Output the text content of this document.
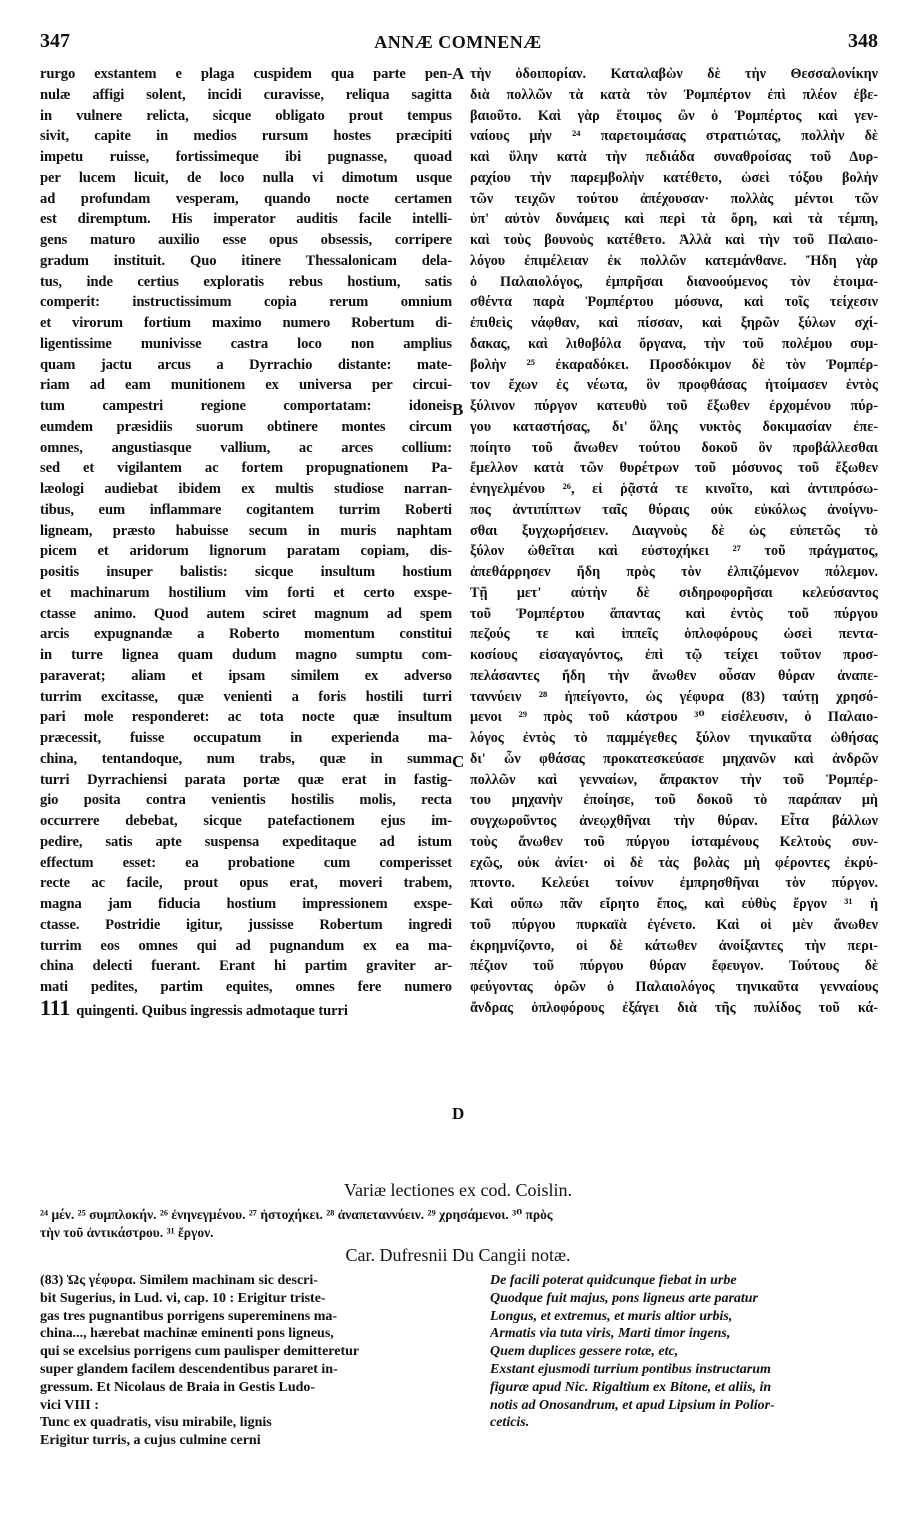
347	ANNÆ COMNENÆ	348
rurgo exstantem e plaga cuspidem qua parte pen-
nulæ affigi solent, incidi curavisse, reliqua sagitta
in vulnere relicta, sicque obligato prout tempus
sivit, capite in medios rursum hostes præcipiti
impetu ruisse, fortissimeque ibi pugnasse, quoad
per lucem licuit, de loco nulla vi dimotum usque
ad profundam vesperam, quando nocte certamen
est diremptum. His imperator auditis facile intelli-
gens maturo auxilio esse opus obsessis, corripere
gradum instituit. Quo itinere Thessalonicam dela-
tus, inde certius exploratis rebus hostium, satis
comperit: instructissimum copia rerum omnium
et virorum fortium maximo numero Robertum di-
ligentissime munivisse castra loco non amplius
quam jactu arcus a Dyrrachio distante: mate-
riam ad eam munitionem ex universa per circui-
tum campestri regione comportatam: idoneis
eumdem præsidiis suorum obtinere montes circum
omnes, angustiasque vallium, ac arces collium:
sed et vigilantem ac fortem propugnationem Pa-
læologi audiebat ibidem ex multis studiose narran-
tibus, eum inflammare cogitantem turrim Roberti
ligneam, præsto habuisse secum in muris naphtam
picem et aridorum lignorum paratam copiam, dis-
positis insuper balistis: sicque insultum hostium
et machinarum hostilium vim forti et certo exspe-
ctasse animo. Quod autem sciret magnum ad spem
arcis expugnandæ a Roberto momentum constitui
in turre lignea quam dudum magno sumptu com-
paraverat; aliam et ipsam similem ex adverso
turrim excitasse, quæ venienti a foris hostili turri
pari mole responderet: ac tota nocte quæ insultum
præcessit, fuisse occupatum in experienda ma-
china, tentandoque, num trabs, quæ in summa
turri Dyrrachiensi parata portæ quæ erat in fastig-
gio posita contra venientis hostilis molis, recta
occurrere debebat, sicque patefactionem ejus im-
pedire, satis apte suspensa expeditaque ad istum
effectum esset: ea probatione cum comperisset
recte ac facile, prout opus erat, moveri trabem,
magna jam fiducia hostium impressionem exspe-
ctasse. Postridie igitur, jussisse Robertum ingredi
turrim eos omnes qui ad pugnandum ex ea ma-
china delecti fuerant. Erant hi partim graviter ar-
mati pedites, partim equites, omnes fere numero
111 quingenti. Quibus ingressis admotaque turri
τὴν ὁδοιπορίαν. Καταλαβὼν δὲ τὴν Θεσσαλονίκην
διὰ πολλῶν τὰ κατὰ τὸν Ῥομπέρτον ἐπὶ πλέον ἐβε-
βαιοῦτο. Καὶ γὰρ ἕτοιμος ὢν ὁ Ῥομπέρτος καὶ γεν-
ναίους μὴν ²⁴ παρετοιμάσας στρατιώτας, πολλὴν δὲ
καὶ ὕλην κατὰ τὴν πεδιάδα συναθροίσας τοῦ Δυρ-
ραχίου τὴν παρεμβολὴν κατέθετο, ὡσεὶ τόξου βολὴν
τῶν τειχῶν τούτου ἀπέχουσαν· πολλὰς μέντοι τῶν
ὑπ' αὐτὸν δυνάμεις καὶ περὶ τὰ ὄρη, καὶ τὰ τέμπη,
καὶ τοὺς βουνοὺς κατέθετο. Ἀλλὰ καὶ τὴν τοῦ Παλαιο-
λόγου ἐπιμέλειαν ἐκ πολλῶν κατεμάνθανε. Ἤδη γὰρ
ὁ Παλαιολόγος, ἐμπρῆσαι διανοούμενος τὸν ἑτοιμα-
σθέντα παρὰ Ῥομπέρτου μόσυνα, καὶ τοῖς τείχεσιν
ἐπιθεὶς νάφθαν, καὶ πίσσαν, καὶ ξηρῶν ξύλων σχί-
δακας, καὶ λιθοβόλα ὄργανα, τὴν τοῦ πολέμου συμ-
βολὴν ²⁵ ἐκαραδόκει. Προσδόκιμον δὲ τὸν Ῥομπέρ-
τον ἔχων ἐς νέωτα, ὃν προφθάσας ἡτοίμασεν ἐντὸς
ξύλινον πύργον κατευθὺ τοῦ ἔξωθεν ἐρχομένου πύρ-
γου καταστήσας, δι' ὅλης νυκτὸς δοκιμασίαν ἐπε-
ποίητο τοῦ ἄνωθεν τούτου δοκοῦ ὃν προβάλλεσθαι
ἔμελλον κατὰ τῶν θυρέτρων τοῦ μόσυνος τοῦ ἔξωθεν
ἐνηγελμένου ²⁶, εἰ ῥᾷστά τε κινοῖτο, καὶ ἀντιπρόσω-
πος ἀντιπίπτων ταῖς θύραις οὐκ εὐκόλως ἀνοίγνυ-
σθαι ξυγχωρήσειεν. Διαγνοὺς δὲ ὡς εὐπετῶς τὸ
ξύλον ὠθεῖται καὶ εὐστοχήκει ²⁷ τοῦ πράγματος,
ἀπεθάρρησεν ἤδη πρὸς τὸν ἐλπιζόμενον πόλεμον.
Τῇ μετ' αὐτὴν δὲ σιδηροφορῆσαι κελεύσαντος
τοῦ Ῥομπέρτου ἅπαντας καὶ ἐντὸς τοῦ πύργου
πεζούς τε καὶ ἱππεῖς ὁπλοφόρους ὡσεὶ πεντα-
κοσίους εἰσαγαγόντος, ἐπὶ τῷ τείχει τοῦτον προσ-
πελάσαντες ἤδη τὴν ἄνωθεν οὖσαν θύραν ἀναπε-
ταννύειν ²⁸ ἠπείγοντο, ὡς γέφυρα (83) ταύτῃ χρησό-
μενοι ²⁹ πρὸς τοῦ κάστρου ³⁰ εἰσέλευσιν, ὁ Παλαιο-
λόγος ἐντὸς τὸ παμμέγεθες ξύλον τηνικαῦτα ὠθήσας
δι' ὧν φθάσας προκατεσκεύασε μηχανῶν καὶ ἀνδρῶν
πολλῶν καὶ γενναίων, ἄπρακτον τὴν τοῦ Ῥομπέρ-
του μηχανὴν ἐποίησε, τοῦ δοκοῦ τὸ παράπαν μὴ
συγχωροῦντος ἀνεῳχθῆναι τὴν θύραν. Εἶτα βάλλων
τοὺς ἄνωθεν τοῦ πύργου ἱσταμένους Κελτοὺς συν-
εχῶς, οὐκ ἀνίει· οἱ δὲ τὰς βολὰς μὴ φέροντες ἐκρύ-
πτοντο. Κελεύει τοίνυν ἐμπρησθῆναι τὸν πύργον.
Καὶ οὔπω πᾶν εἴρητο ἔπος, καὶ εὐθὺς ἔργον ³¹ ἡ
τοῦ πύργου πυρκαϊὰ ἐγένετο. Καὶ οἱ μὲν ἄνωθεν
ἐκρημνίζοντο, οἱ δὲ κάτωθεν ἀνοίξαντες τὴν περι-
πέζιον τοῦ πύργου θύραν ἔφευγον. Τούτους δὲ
φεύγοντας ὁρῶν ὁ Παλαιολόγος τηνικαῦτα γενναίους
ἄνδρας ὁπλοφόρους ἐξάγει διὰ τῆς πυλίδος τοῦ κά-
A
B
C
D
Variæ lectiones ex cod. Coislin.
²⁴ μέν. ²⁵ συμπλοκήν. ²⁶ ἐνηνεγμένου. ²⁷ ἠστοχήκει. ²⁸ ἀναπεταννύειν. ²⁹ χρησάμενοι. ³⁰ πρὸς
τὴν τοῦ ἀντικάστρου. ³¹ ἔργον.
Car. Dufresnii Du Cangii notæ.
(83) Ὡς γέφυρα. Similem machinam sic descri-
bit Sugerius, in Lud. vi, cap. 10 : Erigitur triste-
gas tres pugnantibus porrigens supereminens ma-
china..., hærebat machinæ eminenti pons ligneus,
qui se excelsius porrigens cum paulisper demitteretur
super glandem facilem descendentibus pararet in-
gressum. Et Nicolaus de Braia in Gestis Ludo-
vici VIII :
Tunc ex quadratis, visu mirabile, lignis
Erigitur turris, a cujus culmine cerni
De facili poterat quidcunque fiebat in urbe
Quodque fuit majus, pons ligneus arte paratur
Longus, et extremus, et muris altior urbis,
Armatis via tuta viris, Marti timor ingens,
Quem duplices gessere rotæ, etc,
Exstant ejusmodi turrium pontibus instructarum
figuræ apud Nic. Rigaltium ex Bitone, et aliis, in
notis ad Onosandrum, et apud Lipsium in Polior-
ceticis.
